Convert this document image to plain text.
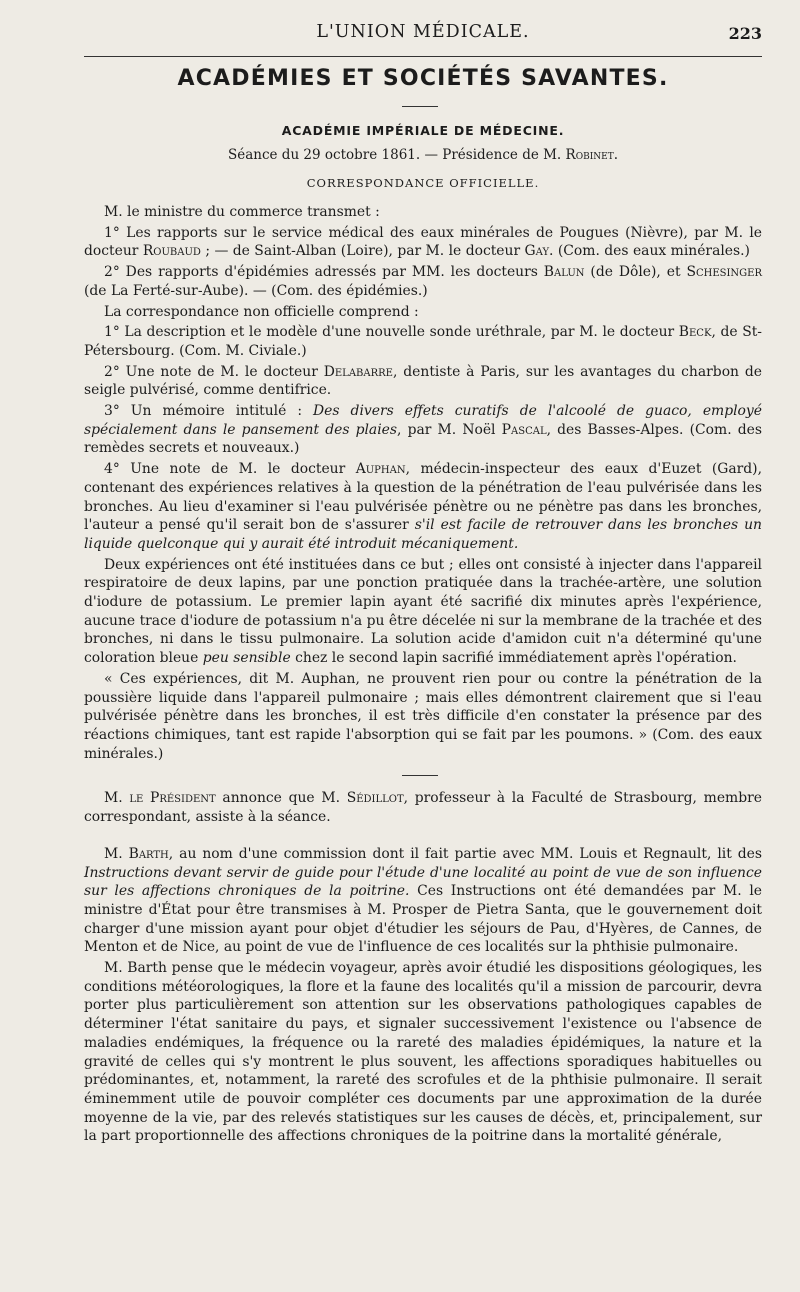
L'UNION MÉDICALE.	223
ACADÉMIES ET SOCIÉTÉS SAVANTES.
ACADÉMIE IMPÉRIALE DE MÉDECINE.
Séance du 29 octobre 1861. — Présidence de M. Robinet.
CORRESPONDANCE OFFICIELLE.

M. le ministre du commerce transmet :

1° Les rapports sur le service médical des eaux minérales de Pougues (Nièvre), par M. le docteur Roubaud ; — de Saint-Alban (Loire), par M. le docteur Gay. (Com. des eaux minérales.)

2° Des rapports d'épidémies adressés par MM. les docteurs Balun (de Dôle), et Schesinger (de La Ferté-sur-Aube). — (Com. des épidémies.)

La correspondance non officielle comprend :

1° La description et le modèle d'une nouvelle sonde uréthrale, par M. le docteur Beck, de St-Pétersbourg. (Com. M. Civiale.)

2° Une note de M. le docteur Delabarre, dentiste à Paris, sur les avantages du charbon de seigle pulvérisé, comme dentifrice.

3° Un mémoire intitulé : Des divers effets curatifs de l'alcoolé de guaco, employé spécialement dans le pansement des plaies, par M. Noël Pascal, des Basses-Alpes. (Com. des remèdes secrets et nouveaux.)

4° Une note de M. le docteur Auphan, médecin-inspecteur des eaux d'Euzet (Gard), contenant des expériences relatives à la question de la pénétration de l'eau pulvérisée dans les bronches. Au lieu d'examiner si l'eau pulvérisée pénètre ou ne pénètre pas dans les bronches, l'auteur a pensé qu'il serait bon de s'assurer s'il est facile de retrouver dans les bronches un liquide quelconque qui y aurait été introduit mécaniquement.

Deux expériences ont été instituées dans ce but ; elles ont consisté à injecter dans l'appareil respiratoire de deux lapins, par une ponction pratiquée dans la trachée-artère, une solution d'iodure de potassium. Le premier lapin ayant été sacrifié dix minutes après l'expérience, aucune trace d'iodure de potassium n'a pu être décelée ni sur la membrane de la trachée et des bronches, ni dans le tissu pulmonaire. La solution acide d'amidon cuit n'a déterminé qu'une coloration bleue peu sensible chez le second lapin sacrifié immédiatement après l'opération.

« Ces expériences, dit M. Auphan, ne prouvent rien pour ou contre la pénétration de la poussière liquide dans l'appareil pulmonaire ; mais elles démontrent clairement que si l'eau pulvérisée pénètre dans les bronches, il est très difficile d'en constater la présence par des réactions chimiques, tant est rapide l'absorption qui se fait par les poumons. » (Com. des eaux minérales.)

M. le Président annonce que M. Sédillot, professeur à la Faculté de Strasbourg, membre correspondant, assiste à la séance.

M. Barth, au nom d'une commission dont il fait partie avec MM. Louis et Regnault, lit des Instructions devant servir de guide pour l'étude d'une localité au point de vue de son influence sur les affections chroniques de la poitrine. Ces Instructions ont été demandées par M. le ministre d'État pour être transmises à M. Prosper de Pietra Santa, que le gouvernement doit charger d'une mission ayant pour objet d'étudier les séjours de Pau, d'Hyères, de Cannes, de Menton et de Nice, au point de vue de l'influence de ces localités sur la phthisie pulmonaire.

M. Barth pense que le médecin voyageur, après avoir étudié les dispositions géologiques, les conditions météorologiques, la flore et la faune des localités qu'il a mission de parcourir, devra porter plus particulièrement son attention sur les observations pathologiques capables de déterminer l'état sanitaire du pays, et signaler successivement l'existence ou l'absence de maladies endémiques, la fréquence ou la rareté des maladies épidémiques, la nature et la gravité de celles qui s'y montrent le plus souvent, les affections sporadiques habituelles ou prédominantes, et, notamment, la rareté des scrofules et de la phthisie pulmonaire. Il serait éminemment utile de pouvoir compléter ces documents par une approximation de la durée moyenne de la vie, par des relevés statistiques sur les causes de décès, et, principalement, sur la part proportionnelle des affections chroniques de la poitrine dans la mortalité générale,
